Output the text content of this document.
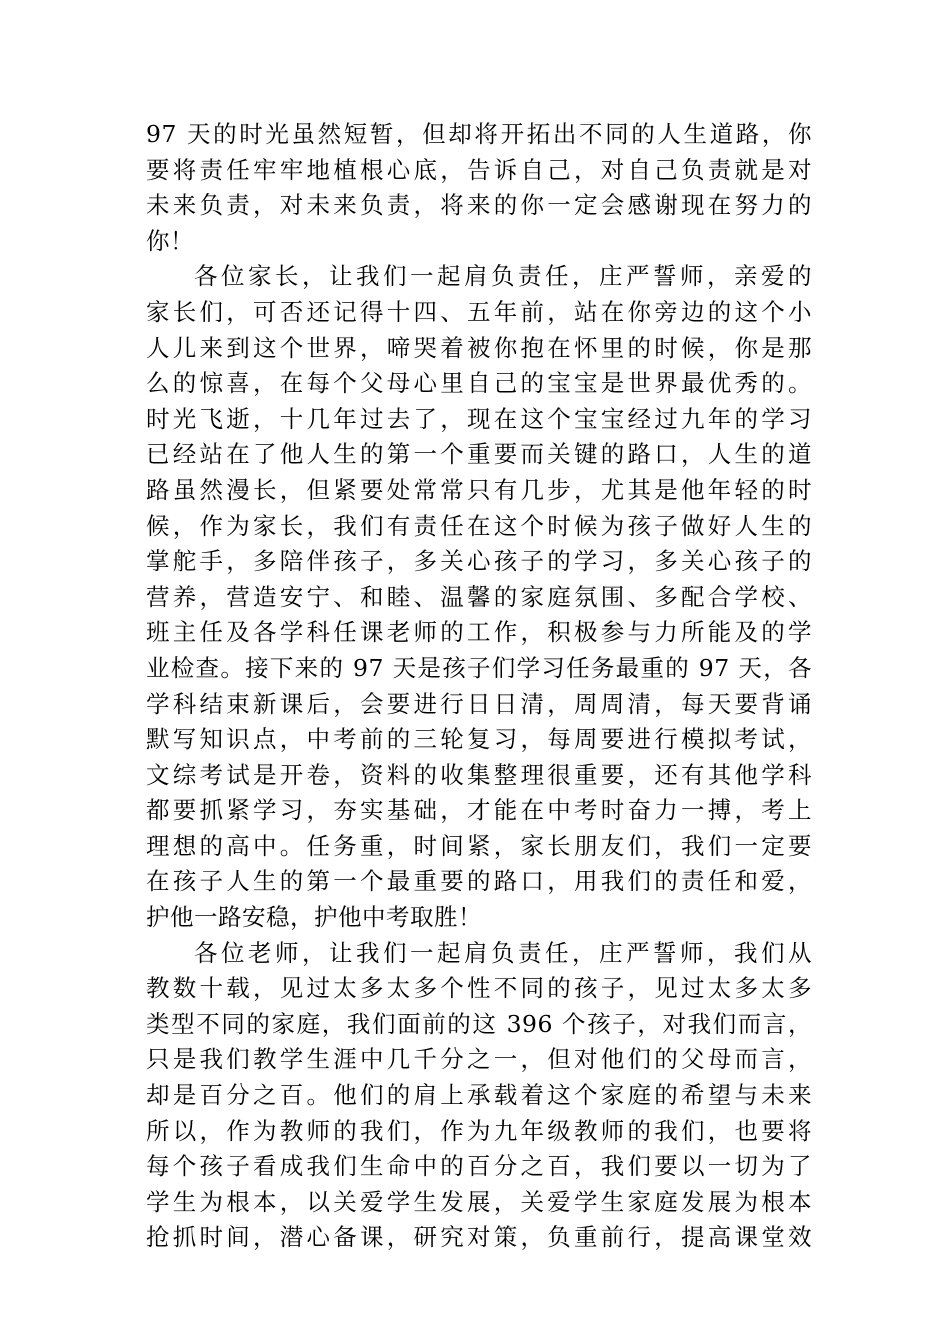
97 天的时光虽然短暂，但却将开拓出不同的人生道路，你
要将责任牢牢地植根心底，告诉自己，对自己负责就是对
未来负责，对未来负责，将来的你一定会感谢现在努力的
你！
各位家长，让我们一起肩负责任，庄严誓师，亲爱的
家长们，可否还记得十四、五年前，站在你旁边的这个小
人儿来到这个世界，啼哭着被你抱在怀里的时候，你是那
么的惊喜，在每个父母心里自己的宝宝是世界最优秀的。
时光飞逝，十几年过去了，现在这个宝宝经过九年的学习
已经站在了他人生的第一个重要而关键的路口，人生的道
路虽然漫长，但紧要处常常只有几步，尤其是他年轻的时
候，作为家长，我们有责任在这个时候为孩子做好人生的
掌舵手，多陪伴孩子，多关心孩子的学习，多关心孩子的
营养，营造安宁、和睦、温馨的家庭氛围、多配合学校、
班主任及各学科任课老师的工作，积极参与力所能及的学
业检查。接下来的 97 天是孩子们学习任务最重的 97 天，各
学科结束新课后，会要进行日日清，周周清，每天要背诵
默写知识点，中考前的三轮复习，每周要进行模拟考试，
文综考试是开卷，资料的收集整理很重要，还有其他学科
都要抓紧学习，夯实基础，才能在中考时奋力一搏，考上
理想的高中。任务重，时间紧，家长朋友们，我们一定要
在孩子人生的第一个最重要的路口，用我们的责任和爱，
护他一路安稳，护他中考取胜！
各位老师，让我们一起肩负责任，庄严誓师，我们从
教数十载，见过太多太多个性不同的孩子，见过太多太多
类型不同的家庭，我们面前的这 396 个孩子，对我们而言，
只是我们教学生涯中几千分之一，但对他们的父母而言，
却是百分之百。他们的肩上承载着这个家庭的希望与未来
所以，作为教师的我们，作为九年级教师的我们，也要将
每个孩子看成我们生命中的百分之百，我们要以一切为了
学生为根本，以关爱学生发展，关爱学生家庭发展为根本
抢抓时间，潜心备课，研究对策，负重前行，提高课堂效
